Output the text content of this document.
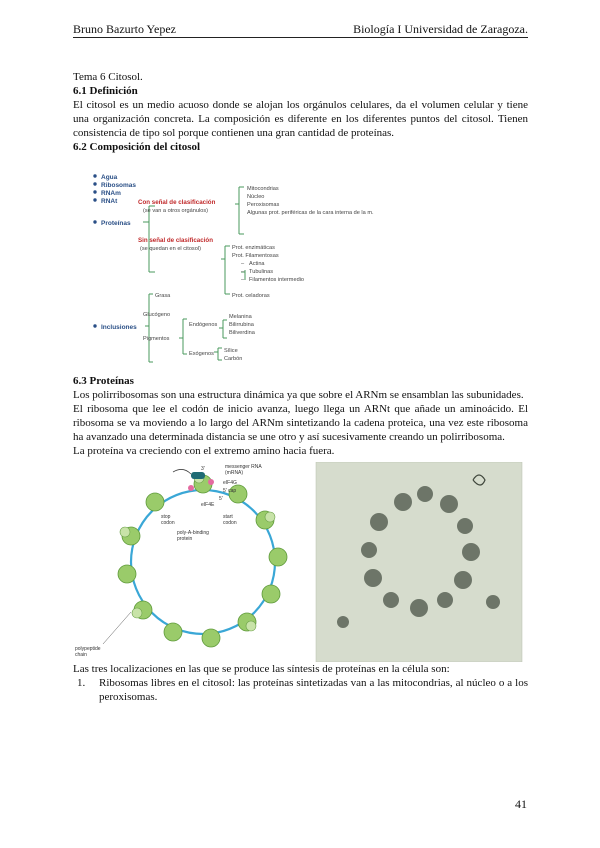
Bruno Bazurto Yepez	Biología I Universidad de Zaragoza.

Tema 6 Citosol.

6.1 Definición

El citosol es un medio acuoso donde se alojan los orgánulos celulares, da el volumen celular y tiene una organización concreta. La composición es diferente en los diferentes puntos del citosol. Tienen consistencia de tipo sol porque contienen una gran cantidad de proteínas.

6.2 Composición del citosol
Agua
Ribosomas
RNAm
RNAt
Proteínas
Inclusiones
Con señal de clasificación
(se van a otros orgánulos)
Mitocondrias
Núcleo
Peroxisomas
Algunas prot. periféricas de la cara interna de la m.
Sin señal de clasificación
(se quedan en el citosol)	Prot. enzimáticas
Prot. Filamentosas
Actina
Tubulinas
Filamentos intermedio
Prot. celadoras
–
–
–
Grasa
Glucógeno
Pigmentos
Endógenos
Exógenos
Melanina
Bilirrubina
Biliverdina
Sílice
Carbón
6.3 Proteínas

Los polirribosomas son una estructura dinámica ya que sobre el ARNm se ensamblan las subunidades.

El ribosoma que lee el codón de inicio avanza, luego llega un ARNt que añade un aminoácido. El ribosoma se va moviendo a lo largo del ARNm sintetizando la cadena proteica, una vez este ribosoma ha avanzado una determinada distancia se une otro y así sucesivamente creando un polirribosoma.

La proteína va creciendo con el extremo amino hacia fuera.

messenger RNA
(mRNA)
eIF4G
5' cap
3'
5'
eIF4E
stop
codon
poly-A-binding
protein
start
codon
polypeptide
chain

Las tres localizaciones en las que se produce las síntesis de proteínas en la célula son:

1.	Ribosomas libres en el citosol: las proteínas sintetizadas van a las mitocondrias, al núcleo o a los peroxisomas.
41
